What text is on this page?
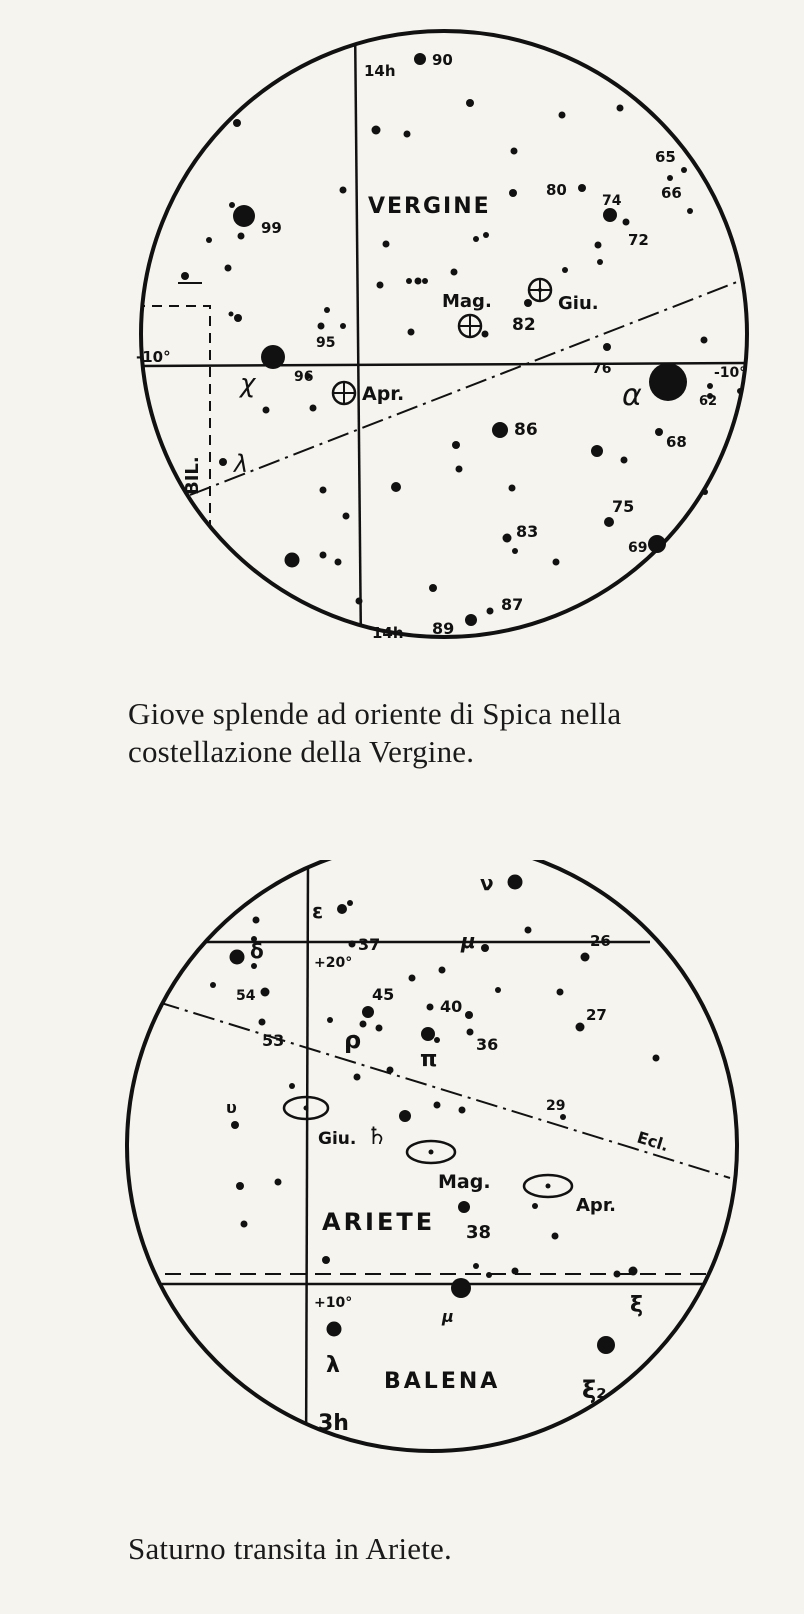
14h
14h
-10°
-10°
VERGINE
BIL.
Apr.
Mag.	Giu.
α
χ
λ
90
80
74
72
65
66
99
95
96
82
76
62
86
68
75
69
83
87
89

Giove splende ad oriente di Spica nella costellazione della Vergine.

Giu.
Mag.
Apr.
♄
+20°
+10°
3h
ARIETE
BALENA
Ecl.
ν
ε
δ	μ
ρ
π
υ
λ
μ	ξ
ξ₂
37	26
54	45
40	27
53	36
29
38

Saturno transita in Ariete.
